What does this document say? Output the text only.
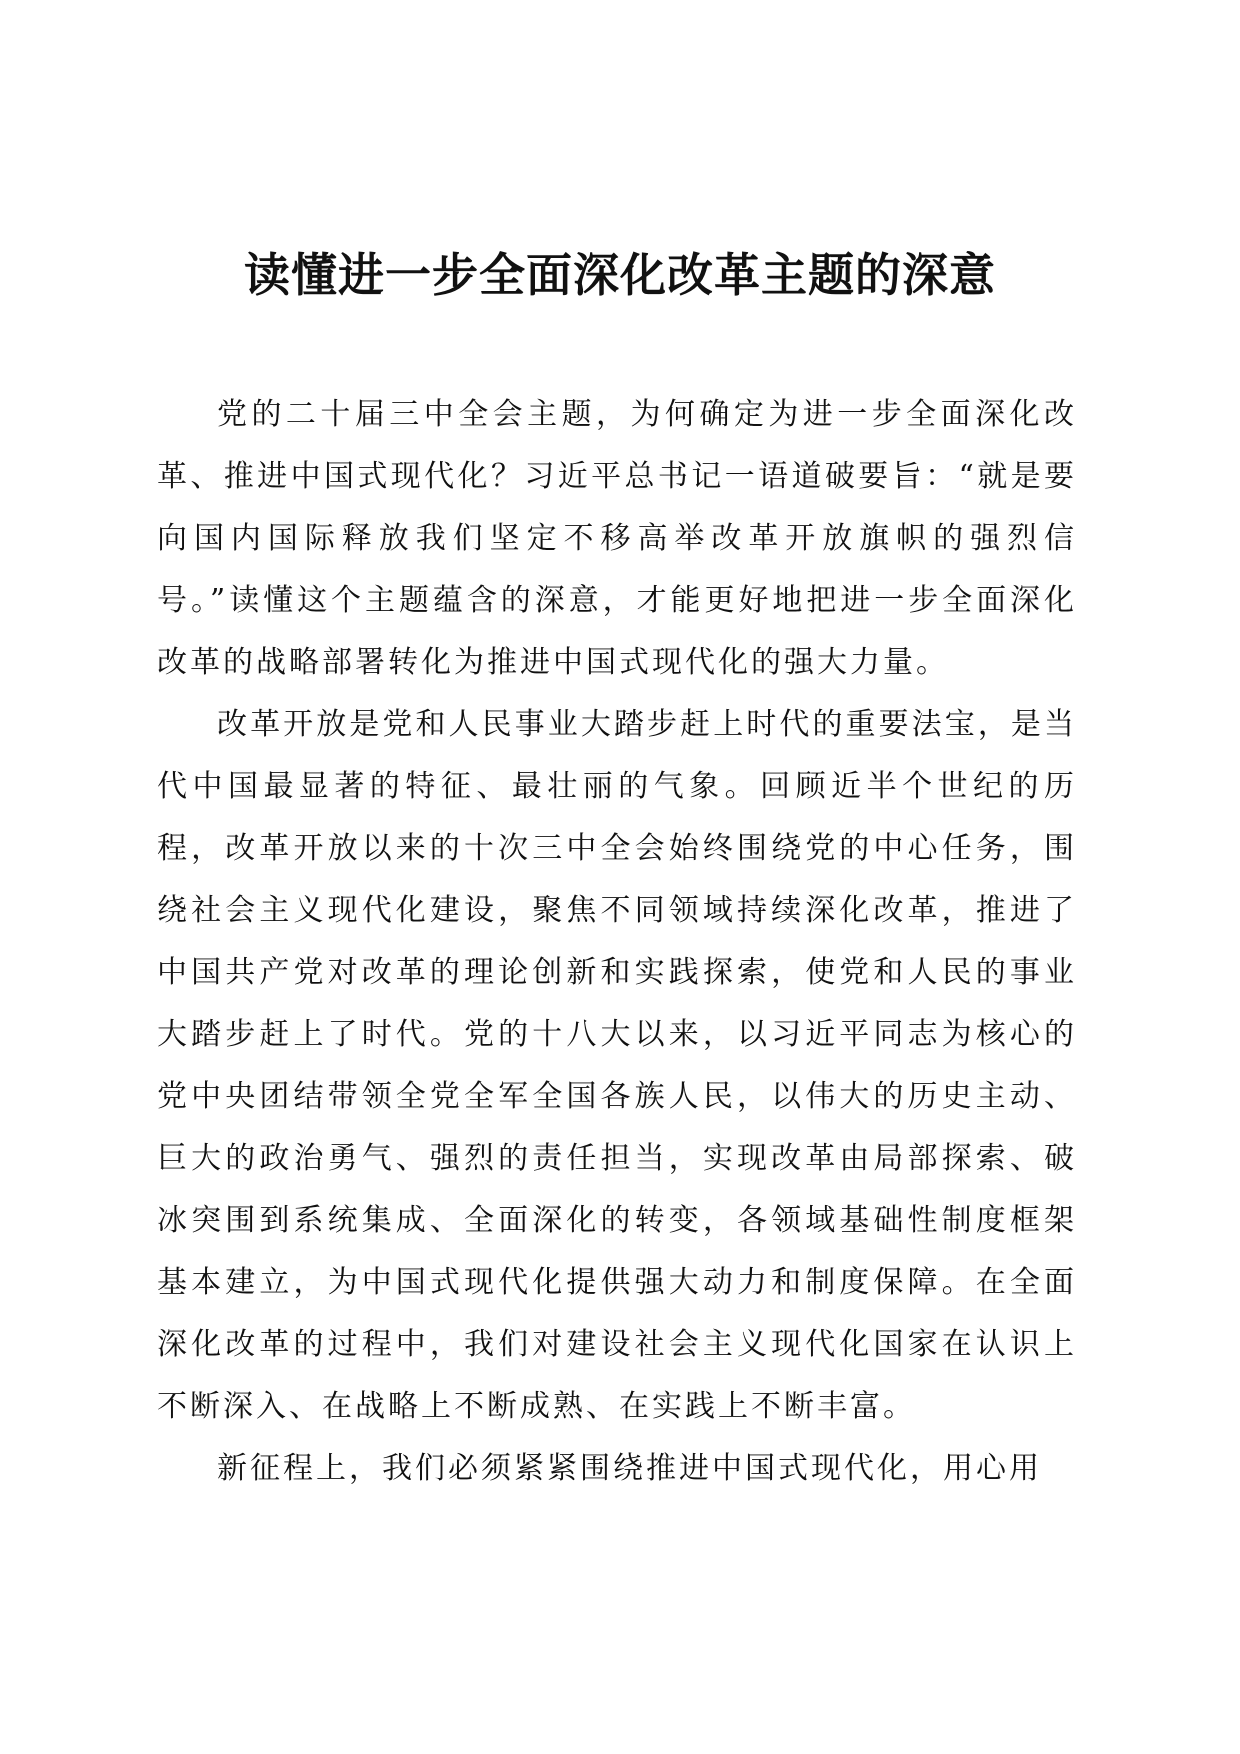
读懂进一步全面深化改革主题的深意

党的二十届三中全会主题，为何确定为进一步全面深化改革、推进中国式现代化？习近平总书记一语道破要旨：“就是要向国内国际释放我们坚定不移高举改革开放旗帜的强烈信号。”读懂这个主题蕴含的深意，才能更好地把进一步全面深化改革的战略部署转化为推进中国式现代化的强大力量。

改革开放是党和人民事业大踏步赶上时代的重要法宝，是当代中国最显著的特征、最壮丽的气象。回顾近半个世纪的历程，改革开放以来的十次三中全会始终围绕党的中心任务，围绕社会主义现代化建设，聚焦不同领域持续深化改革，推进了中国共产党对改革的理论创新和实践探索，使党和人民的事业大踏步赶上了时代。党的十八大以来，以习近平同志为核心的党中央团结带领全党全军全国各族人民，以伟大的历史主动、巨大的政治勇气、强烈的责任担当，实现改革由局部探索、破冰突围到系统集成、全面深化的转变，各领域基础性制度框架基本建立，为中国式现代化提供强大动力和制度保障。在全面深化改革的过程中，我们对建设社会主义现代化国家在认识上不断深入、在战略上不断成熟、在实践上不断丰富。

新征程上，我们必须紧紧围绕推进中国式现代化，用心用
